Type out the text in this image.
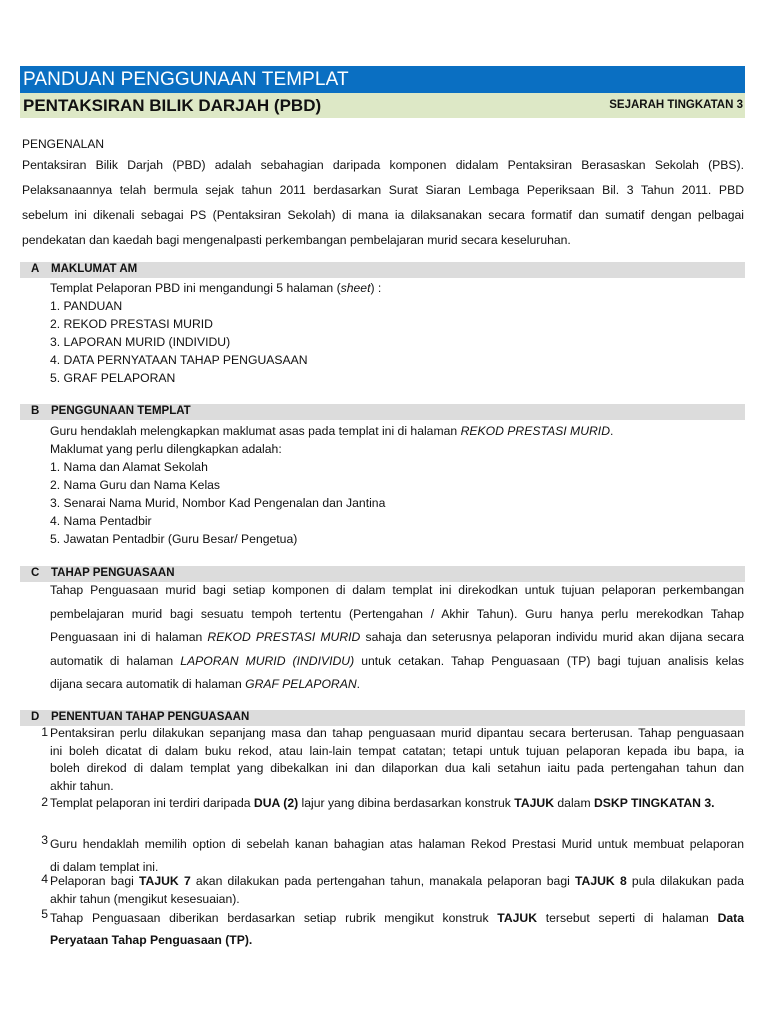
PANDUAN PENGGUNAAN TEMPLAT
PENTAKSIRAN BILIK DARJAH (PBD)	SEJARAH TINGKATAN 3
PENGENALAN
Pentaksiran Bilik Darjah (PBD) adalah sebahagian daripada komponen didalam Pentaksiran Berasaskan Sekolah (PBS).
Pelaksanaannya telah bermula sejak tahun 2011 berdasarkan Surat Siaran Lembaga Peperiksaan Bil. 3 Tahun 2011. PBD
sebelum ini dikenali sebagai PS (Pentaksiran Sekolah) di mana ia dilaksanakan secara formatif dan sumatif dengan pelbagai
pendekatan dan kaedah bagi mengenalpasti perkembangan pembelajaran murid secara keseluruhan.
A MAKLUMAT AM
Templat Pelaporan PBD ini mengandungi 5 halaman (sheet) :
1. PANDUAN
2. REKOD PRESTASI MURID
3. LAPORAN MURID (INDIVIDU)
4. DATA PERNYATAAN TAHAP PENGUASAAN
5. GRAF PELAPORAN
B PENGGUNAAN TEMPLAT
Guru hendaklah melengkapkan maklumat asas pada templat ini di halaman REKOD PRESTASI MURID.
Maklumat yang perlu dilengkapkan adalah:
1. Nama dan Alamat Sekolah
2. Nama Guru dan Nama Kelas
3. Senarai Nama Murid, Nombor Kad Pengenalan dan Jantina
4. Nama Pentadbir
5. Jawatan Pentadbir (Guru Besar/ Pengetua)
C TAHAP PENGUASAAN
Tahap Penguasaan murid bagi setiap komponen di dalam templat ini direkodkan untuk tujuan pelaporan perkembangan
pembelajaran murid bagi sesuatu tempoh tertentu (Pertengahan / Akhir Tahun). Guru hanya perlu merekodkan Tahap
Penguasaan ini di halaman REKOD PRESTASI MURID sahaja dan seterusnya pelaporan individu murid akan dijana secara
automatik di halaman LAPORAN MURID (INDIVIDU) untuk cetakan. Tahap Penguasaan (TP) bagi tujuan analisis kelas
dijana secara automatik di halaman GRAF PELAPORAN.
D PENENTUAN TAHAP PENGUASAAN
1 Pentaksiran perlu dilakukan sepanjang masa dan tahap penguasaan murid dipantau secara berterusan. Tahap penguasaan
ini boleh dicatat di dalam buku rekod, atau lain-lain tempat catatan; tetapi untuk tujuan pelaporan kepada ibu bapa, ia
boleh direkod di dalam templat yang dibekalkan ini dan dilaporkan dua kali setahun iaitu pada pertengahan tahun dan
akhir tahun.
2 Templat pelaporan ini terdiri daripada DUA (2) lajur yang dibina berdasarkan konstruk TAJUK dalam DSKP TINGKATAN 3.
3 Guru hendaklah memilih option di sebelah kanan bahagian atas halaman Rekod Prestasi Murid untuk membuat pelaporan
di dalam templat ini.
4 Pelaporan bagi TAJUK 7 akan dilakukan pada pertengahan tahun, manakala pelaporan bagi TAJUK 8 pula dilakukan pada
akhir tahun (mengikut kesesuaian).
5 Tahap Penguasaan diberikan berdasarkan setiap rubrik mengikut konstruk TAJUK tersebut seperti di halaman Data
Peryataan Tahap Penguasaan (TP).
